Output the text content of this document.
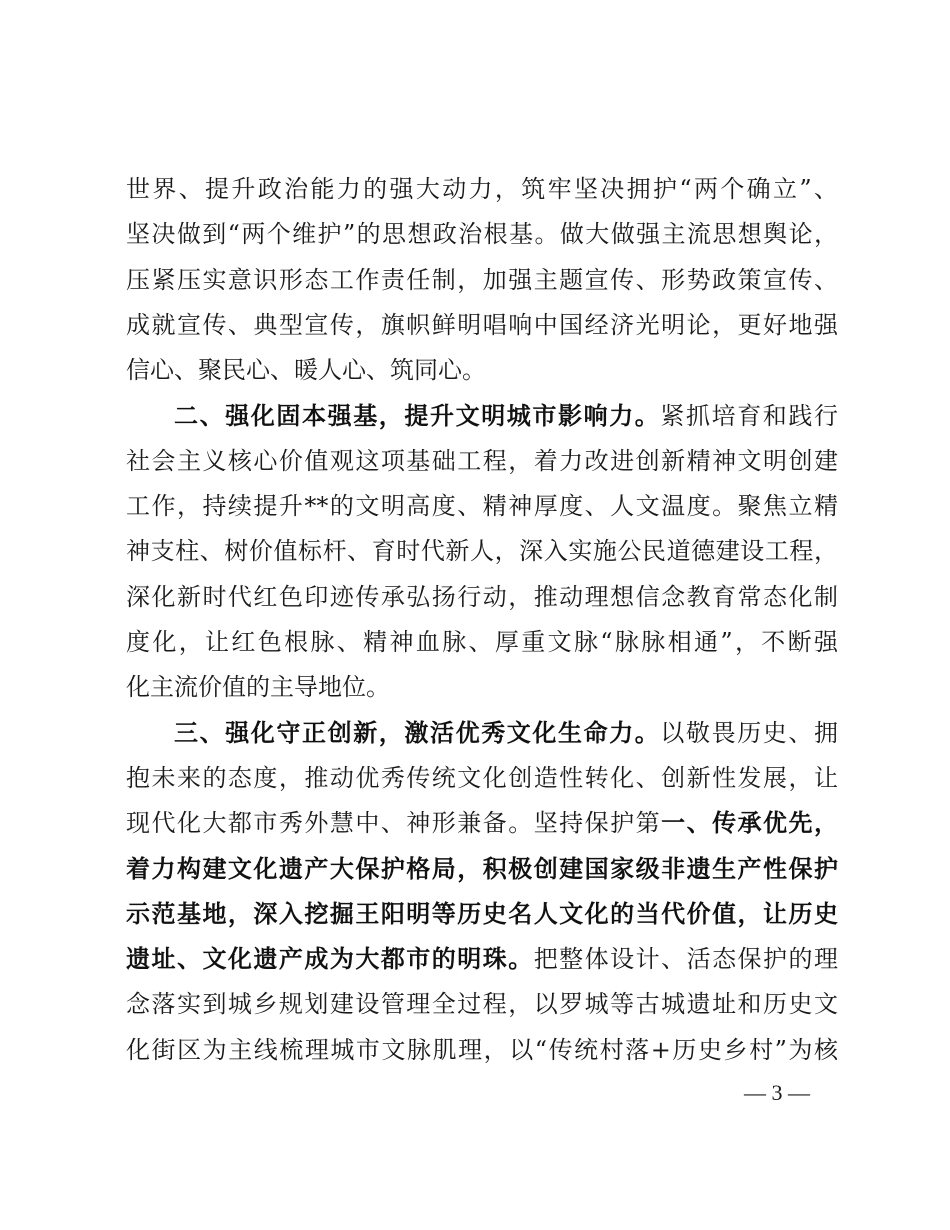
世界、提升政治能力的强大动力，筑牢坚决拥护“两个确立”、
坚决做到“两个维护”的思想政治根基。做大做强主流思想舆论，
压紧压实意识形态工作责任制，加强主题宣传、形势政策宣传、
成就宣传、典型宣传，旗帜鲜明唱响中国经济光明论，更好地强
信心、聚民心、暖人心、筑同心。
二、强化固本强基，提升文明城市影响力。紧抓培育和践行
社会主义核心价值观这项基础工程，着力改进创新精神文明创建
工作，持续提升**的文明高度、精神厚度、人文温度。聚焦立精
神支柱、树价值标杆、育时代新人，深入实施公民道德建设工程，
深化新时代红色印迹传承弘扬行动，推动理想信念教育常态化制
度化，让红色根脉、精神血脉、厚重文脉“脉脉相通”，不断强
化主流价值的主导地位。
三、强化守正创新，激活优秀文化生命力。以敬畏历史、拥
抱未来的态度，推动优秀传统文化创造性转化、创新性发展，让
现代化大都市秀外慧中、神形兼备。坚持保护第一、传承优先，
着力构建文化遗产大保护格局，积极创建国家级非遗生产性保护
示范基地，深入挖掘王阳明等历史名人文化的当代价值，让历史
遗址、文化遗产成为大都市的明珠。把整体设计、活态保护的理
念落实到城乡规划建设管理全过程，以罗城等古城遗址和历史文
化街区为主线梳理城市文脉肌理，以“传统村落+历史乡村”为核
— 3 —
